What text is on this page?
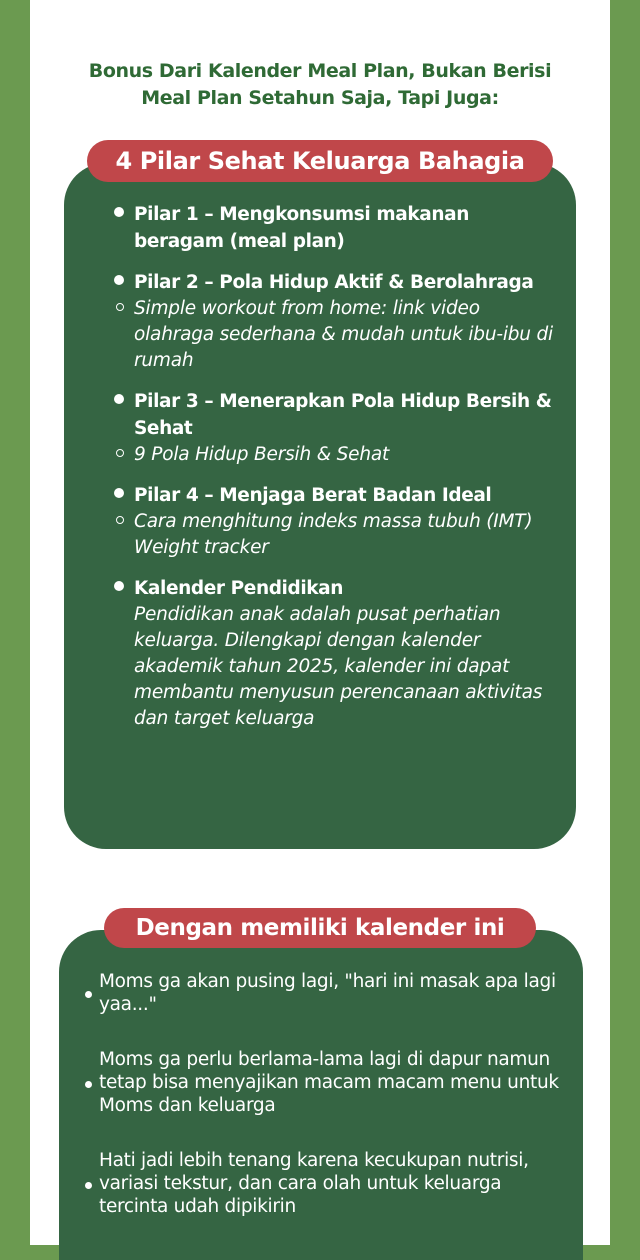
Bonus Dari Kalender Meal Plan, Bukan Berisi
Meal Plan Setahun Saja, Tapi Juga:
4 Pilar Sehat Keluarga Bahagia
Pilar 1 – Mengkonsumsi makanan beragam (meal plan)
Pilar 2 – Pola Hidup Aktif & Berolahraga
Simple workout from home: link video olahraga sederhana & mudah untuk ibu-ibu di rumah
Pilar 3 – Menerapkan Pola Hidup Bersih & Sehat
9 Pola Hidup Bersih & Sehat
Pilar 4 – Menjaga Berat Badan Ideal
Cara menghitung indeks massa tubuh (IMT)
Weight tracker
Kalender Pendidikan
Pendidikan anak adalah pusat perhatian keluarga. Dilengkapi dengan kalender akademik tahun 2025, kalender ini dapat membantu menyusun perencanaan aktivitas dan target keluarga
Dengan memiliki kalender ini
Moms ga akan pusing lagi, "hari ini masak apa lagi yaa..."
Moms ga perlu berlama-lama lagi di dapur namun tetap bisa menyajikan macam macam menu untuk Moms dan keluarga
Hati jadi lebih tenang karena kecukupan nutrisi, variasi tekstur, dan cara olah untuk keluarga tercinta udah dipikirin
